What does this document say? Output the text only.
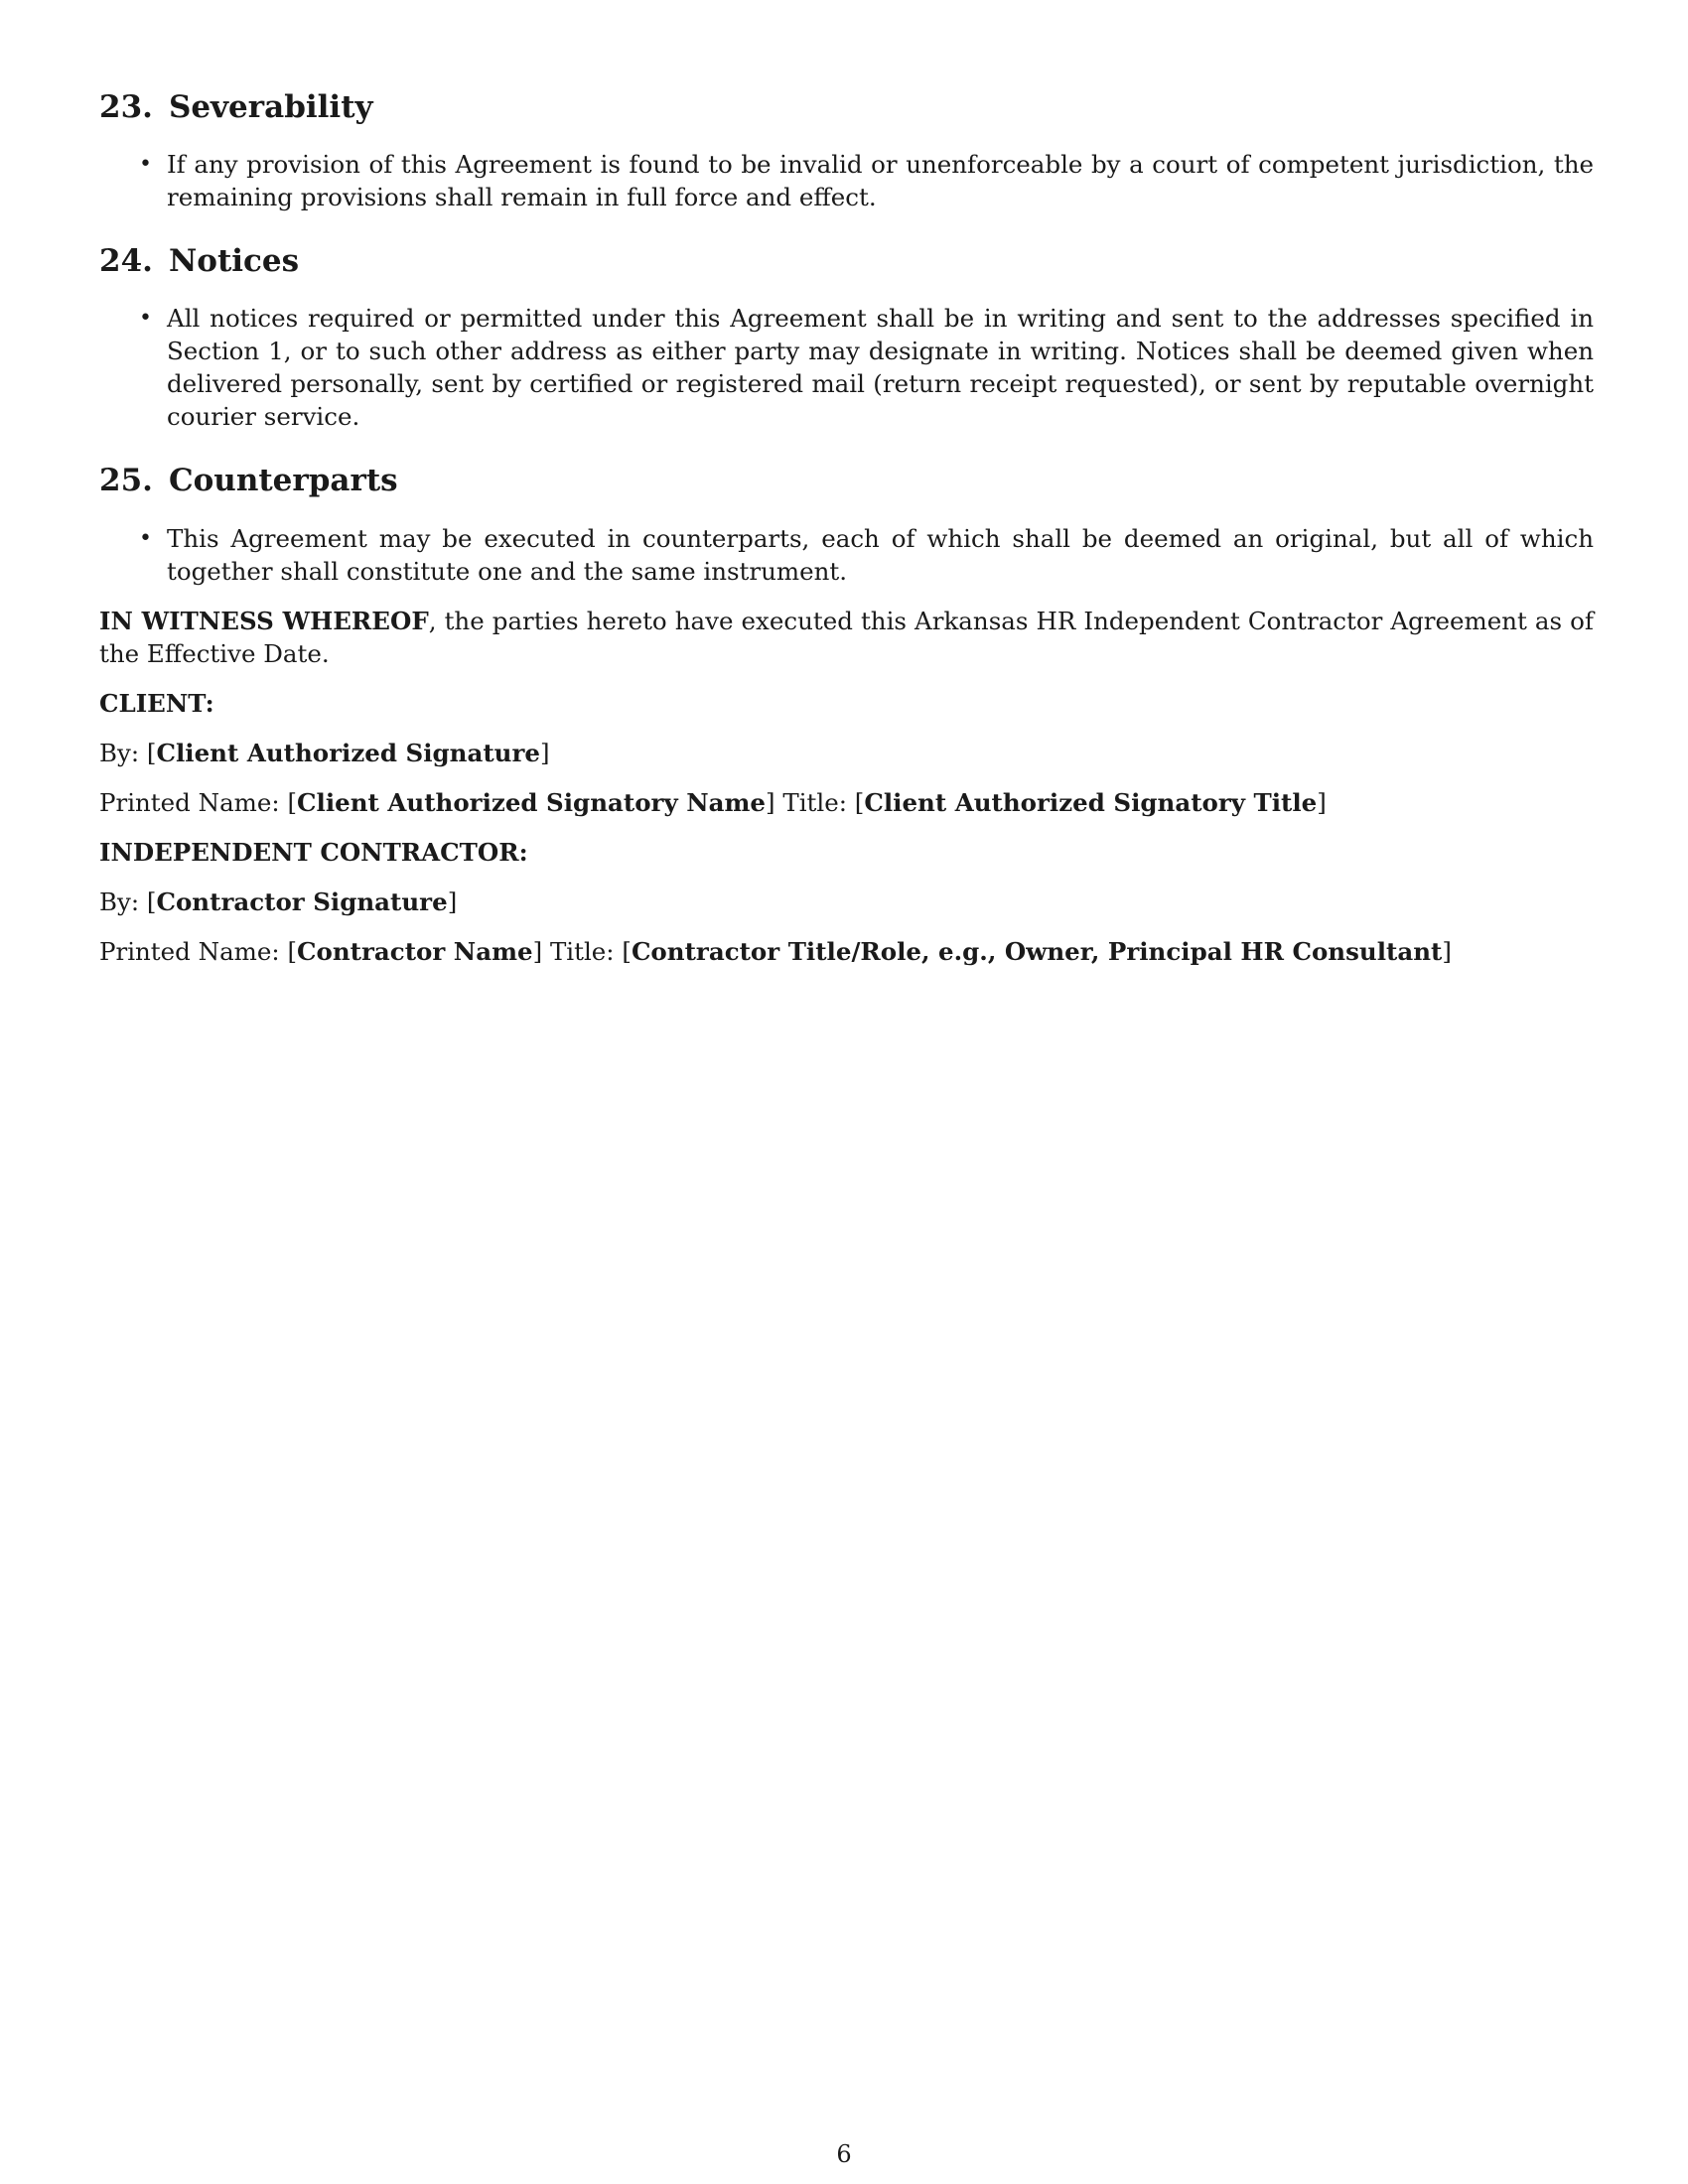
23. Severability
• If any provision of this Agreement is found to be invalid or unenforceable by a court of competent jurisdiction, the remaining provisions shall remain in full force and effect.
24. Notices
• All notices required or permitted under this Agreement shall be in writing and sent to the addresses specified in Section 1, or to such other address as either party may designate in writing. Notices shall be deemed given when delivered personally, sent by certified or registered mail (return receipt requested), or sent by reputable overnight courier service.
25. Counterparts
• This Agreement may be executed in counterparts, each of which shall be deemed an original, but all of which together shall constitute one and the same instrument.

IN WITNESS WHEREOF, the parties hereto have executed this Arkansas HR Independent Contractor Agreement as of the Effective Date.

CLIENT:

By: [Client Authorized Signature]

Printed Name: [Client Authorized Signatory Name] Title: [Client Authorized Signatory Title]

INDEPENDENT CONTRACTOR:

By: [Contractor Signature]

Printed Name: [Contractor Name] Title: [Contractor Title/Role, e.g., Owner, Principal HR Consultant]

6
